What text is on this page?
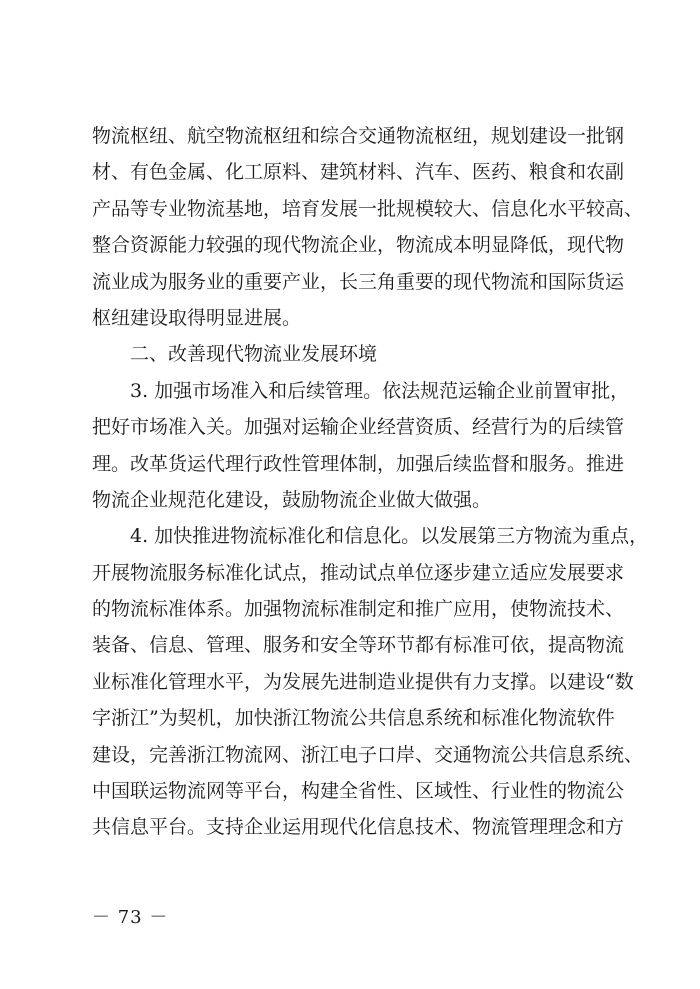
物流枢纽、航空物流枢纽和综合交通物流枢纽，规划建设一批钢
材、有色金属、化工原料、建筑材料、汽车、医药、粮食和农副
产品等专业物流基地，培育发展一批规模较大、信息化水平较高、
整合资源能力较强的现代物流企业，物流成本明显降低，现代物
流业成为服务业的重要产业，长三角重要的现代物流和国际货运
枢纽建设取得明显进展。
二、改善现代物流业发展环境
3. 加强市场准入和后续管理。依法规范运输企业前置审批，
把好市场准入关。加强对运输企业经营资质、经营行为的后续管
理。改革货运代理行政性管理体制，加强后续监督和服务。推进
物流企业规范化建设，鼓励物流企业做大做强。
4. 加快推进物流标准化和信息化。以发展第三方物流为重点，
开展物流服务标准化试点，推动试点单位逐步建立适应发展要求
的物流标准体系。加强物流标准制定和推广应用，使物流技术、
装备、信息、管理、服务和安全等环节都有标准可依，提高物流
业标准化管理水平，为发展先进制造业提供有力支撑。以建设“数
字浙江”为契机，加快浙江物流公共信息系统和标准化物流软件
建设，完善浙江物流网、浙江电子口岸、交通物流公共信息系统、
中国联运物流网等平台，构建全省性、区域性、行业性的物流公
共信息平台。支持企业运用现代化信息技术、物流管理理念和方
－ 73 －
